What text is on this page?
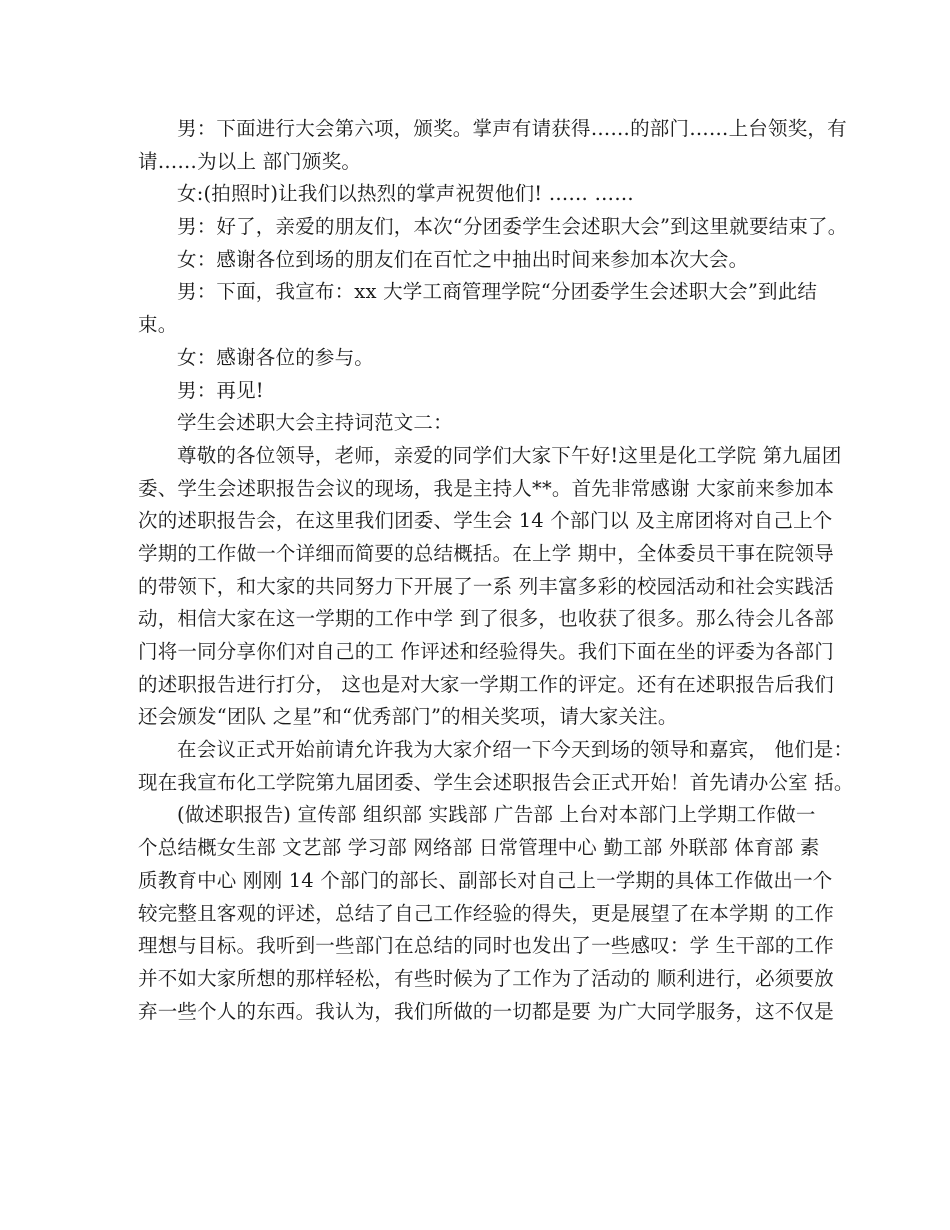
男：下面进行大会第六项，颁奖。掌声有请获得……的部门……上台领奖，有
请……为以上 部门颁奖。
女:(拍照时)让我们以热烈的掌声祝贺他们! …… ……
男：好了，亲爱的朋友们，本次“分团委学生会述职大会”到这里就要结束了。
女：感谢各位到场的朋友们在百忙之中抽出时间来参加本次大会。
男：下面，我宣布：xx 大学工商管理学院“分团委学生会述职大会”到此结
束。
女：感谢各位的参与。
男：再见!
学生会述职大会主持词范文二：
尊敬的各位领导，老师，亲爱的同学们大家下午好!这里是化工学院 第九届团
委、学生会述职报告会议的现场，我是主持人**。首先非常感谢 大家前来参加本
次的述职报告会，在这里我们团委、学生会 14 个部门以 及主席团将对自己上个
学期的工作做一个详细而简要的总结概括。在上学 期中，全体委员干事在院领导
的带领下，和大家的共同努力下开展了一系 列丰富多彩的校园活动和社会实践活
动，相信大家在这一学期的工作中学 到了很多，也收获了很多。那么待会儿各部
门将一同分享你们对自己的工 作评述和经验得失。我们下面在坐的评委为各部门
的述职报告进行打分， 这也是对大家一学期工作的评定。还有在述职报告后我们
还会颁发“团队 之星”和“优秀部门”的相关奖项，请大家关注。
在会议正式开始前请允许我为大家介绍一下今天到场的领导和嘉宾， 他们是：
现在我宣布化工学院第九届团委、学生会述职报告会正式开始！首先请办公室 括。
(做述职报告) 宣传部 组织部 实践部 广告部 上台对本部门上学期工作做一
个总结概女生部 文艺部 学习部 网络部 日常管理中心 勤工部 外联部 体育部 素
质教育中心 刚刚 14 个部门的部长、副部长对自己上一学期的具体工作做出一个
较完整且客观的评述，总结了自己工作经验的得失，更是展望了在本学期 的工作
理想与目标。我听到一些部门在总结的同时也发出了一些感叹：学 生干部的工作
并不如大家所想的那样轻松，有些时候为了工作为了活动的 顺利进行，必须要放
弃一些个人的东西。我认为，我们所做的一切都是要 为广大同学服务，这不仅是
